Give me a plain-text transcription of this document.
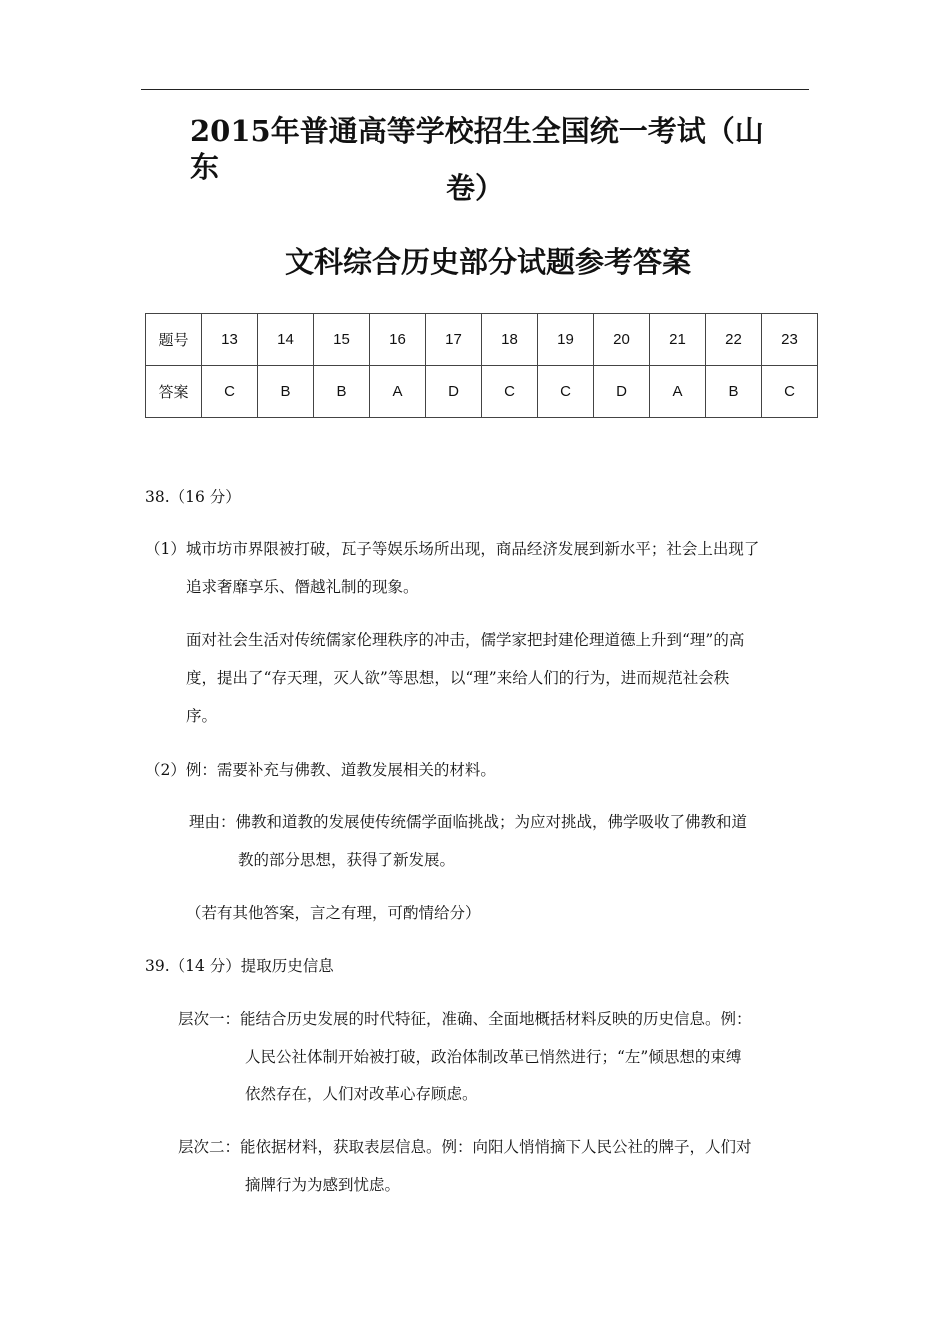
2015年普通高等学校招生全国统一考试（山东
卷）
文科综合历史部分试题参考答案
题号	13	14	15	16	17	18	19	20	21	22	23
答案	C	B	B	A	D	C	C	D	A	B	C
38.（16 分）
（1）城市坊市界限被打破，瓦子等娱乐场所出现，商品经济发展到新水平；社会上出现了
追求奢靡享乐、僭越礼制的现象。
面对社会生活对传统儒家伦理秩序的冲击，儒学家把封建伦理道德上升到“理”的高
度，提出了“存天理，灭人欲”等思想，以“理”来给人们的行为，进而规范社会秩
序。
（2）例：需要补充与佛教、道教发展相关的材料。
理由：佛教和道教的发展使传统儒学面临挑战；为应对挑战，佛学吸收了佛教和道
教的部分思想，获得了新发展。
（若有其他答案，言之有理，可酌情给分）
39.（14 分）提取历史信息
层次一：能结合历史发展的时代特征，准确、全面地概括材料反映的历史信息。例：
人民公社体制开始被打破，政治体制改革已悄然进行；“左”倾思想的束缚
依然存在，人们对改革心存顾虑。
层次二：能依据材料，获取表层信息。例：向阳人悄悄摘下人民公社的牌子，人们对
摘牌行为为感到忧虑。
